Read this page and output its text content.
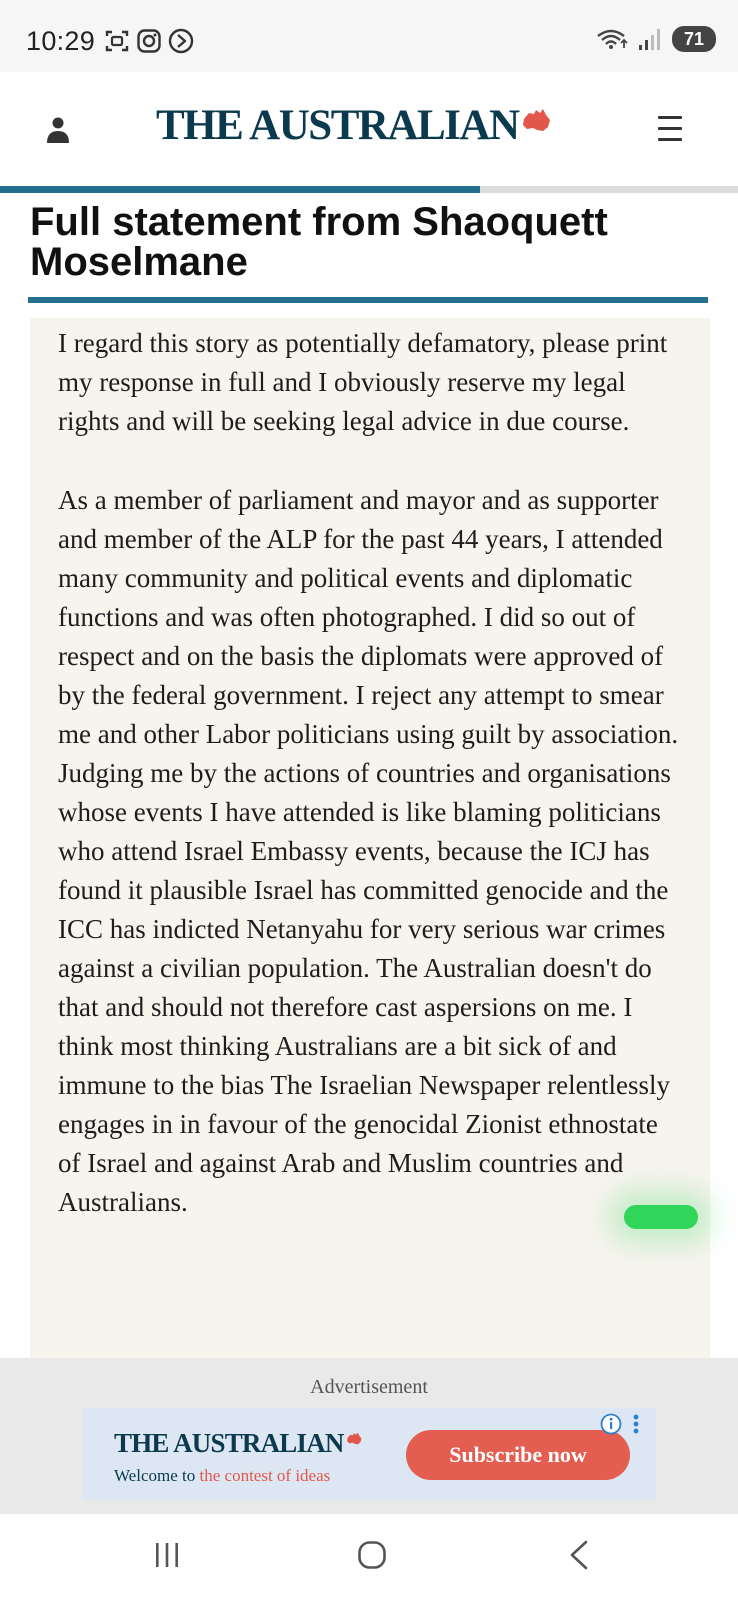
10:29	71
THE AUSTRALIAN
Full statement from Shaoquett Moselmane

I regard this story as potentially defamatory, please print my response in full and I obviously reserve my legal rights and will be seeking legal advice in due course.

As a member of parliament and mayor and as supporter and member of the ALP for the past 44 years, I attended many community and political events and diplomatic functions and was often photographed. I did so out of respect and on the basis the diplomats were approved of by the federal government. I reject any attempt to smear me and other Labor politicians using guilt by association. Judging me by the actions of countries and organisations whose events I have attended is like blaming politicians who attend Israel Embassy events, because the ICJ has found it plausible Israel has committed genocide and the ICC has indicted Netanyahu for very serious war crimes against a civilian population. The Australian doesn't do that and should not therefore cast aspersions on me. I think most thinking Australians are a bit sick of and immune to the bias The Israelian Newspaper relentlessly engages in in favour of the genocidal Zionist ethnostate of Israel and against Arab and Muslim countries and Australians.

Advertisement
THE AUSTRALIAN
Welcome to the contest of ideas
Subscribe now
